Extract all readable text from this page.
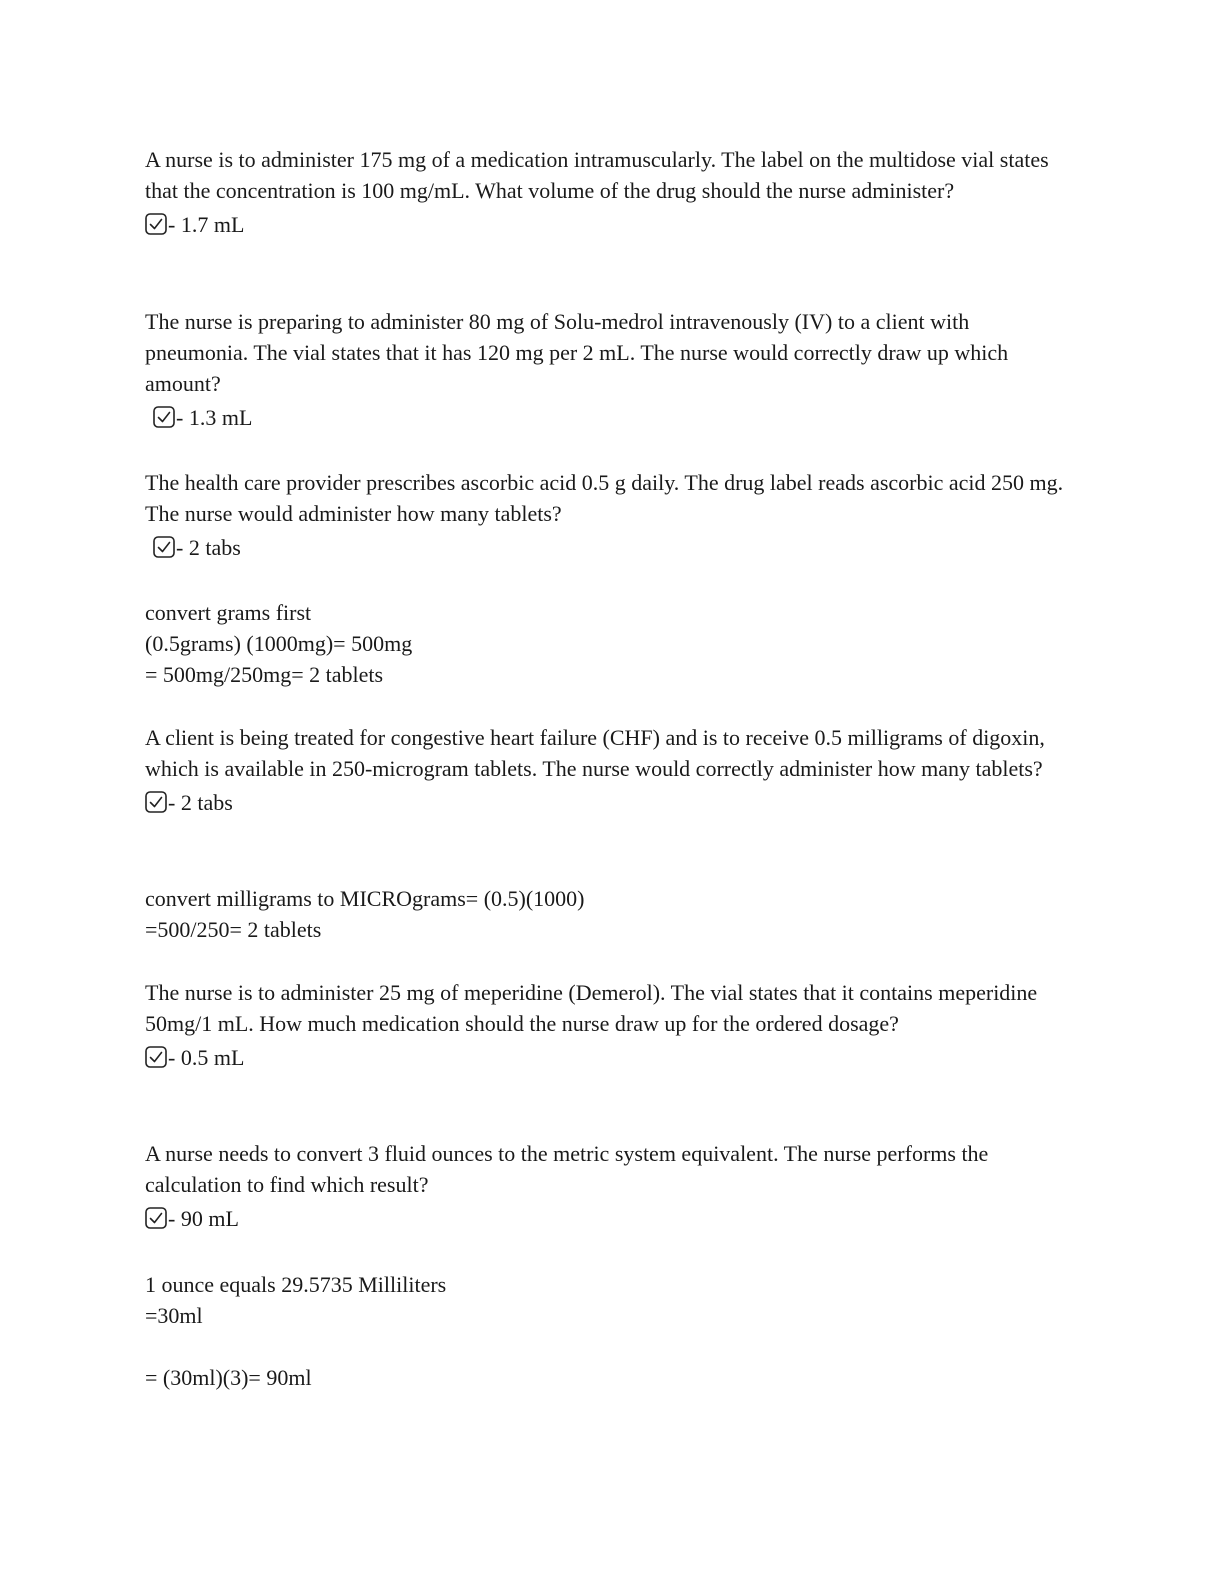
A nurse is to administer 175 mg of a medication intramuscularly. The label on the multidose vial states that the concentration is 100 mg/mL. What volume of the drug should the nurse administer?

- 1.7 mL

The nurse is preparing to administer 80 mg of Solu-medrol intravenously (IV) to a client with pneumonia. The vial states that it has 120 mg per 2 mL. The nurse would correctly draw up which amount?

- 1.3 mL

The health care provider prescribes ascorbic acid 0.5 g daily. The drug label reads ascorbic acid 250 mg. The nurse would administer how many tablets?

- 2 tabs
convert grams first
(0.5grams) (1000mg)= 500mg
= 500mg/250mg= 2 tablets

A client is being treated for congestive heart failure (CHF) and is to receive 0.5 milligrams of digoxin, which is available in 250-microgram tablets. The nurse would correctly administer how many tablets?

- 2 tabs
convert milligrams to MICROgrams= (0.5)(1000)
=500/250= 2 tablets

The nurse is to administer 25 mg of meperidine (Demerol). The vial states that it contains meperidine 50mg/1 mL. How much medication should the nurse draw up for the ordered dosage?

- 0.5 mL

A nurse needs to convert 3 fluid ounces to the metric system equivalent. The nurse performs the calculation to find which result?

- 90 mL
1 ounce equals 29.5735 Milliliters
=30ml
= (30ml)(3)= 90ml
